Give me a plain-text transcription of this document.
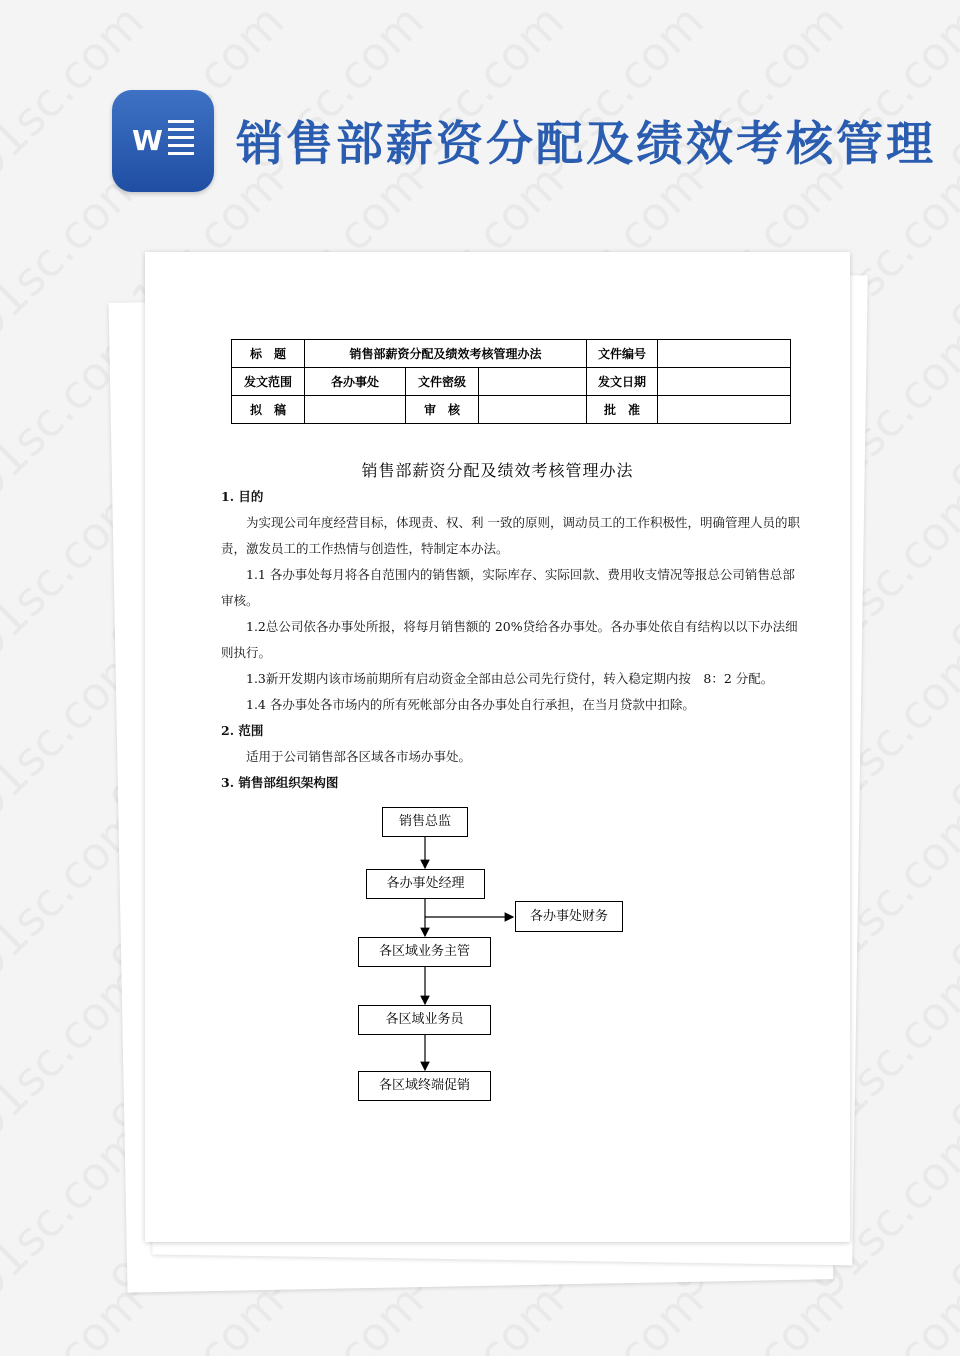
W 销售部薪资分配及绩效考核管理
标　题	销售部薪资分配及绩效考核管理办法			文件编号	
发文范围	各办事处	文件密级		发文日期	
拟　稿		审　核		批　准	
销售部薪资分配及绩效考核管理办法
1. 目的
为实现公司年度经营目标，体现责、权、利 一致的原则，调动员工的工作积极性，明确管理人员的职责，激发员工的工作热情与创造性，特制定本办法。
1.1 各办事处每月将各自范围内的销售额，实际库存、实际回款、费用收支情况等报总公司销售总部审核。
1.2总公司依各办事处所报，将每月销售额的 20%贷给各办事处。各办事处依自有结构以以下办法细则执行。
1.3新开发期内该市场前期所有启动资金全部由总公司先行贷付，转入稳定期内按　8：2 分配。
1.4 各办事处各市场内的所有死帐部分由各办事处自行承担，在当月贷款中扣除。
2. 范围
适用于公司销售部各区域各市场办事处。
3. 销售部组织架构图
销售总监
各办事处经理
各办事处财务
各区域业务主管
各区域业务员
各区域终端促销
